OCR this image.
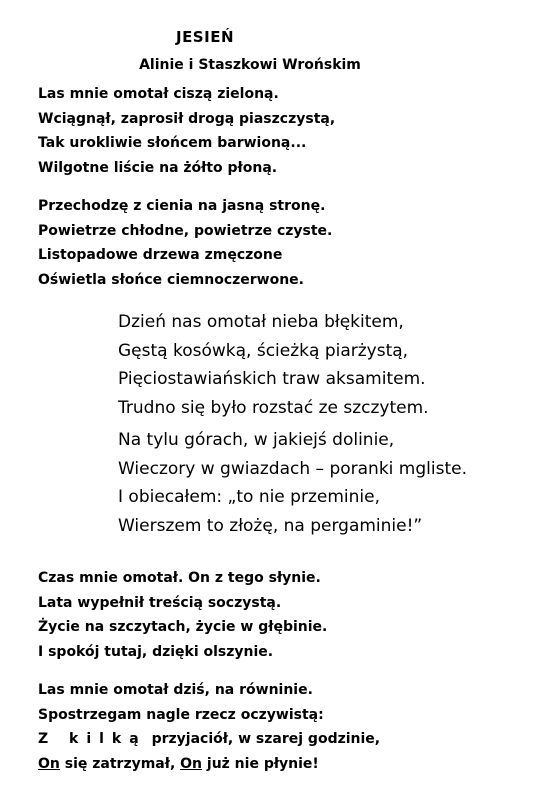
JESIEŃ
Alinie i Staszkowi Wrońskim
Las mnie omotał ciszą zieloną.
Wciągnął, zaprosił drogą piaszczystą,
Tak urokliwie słońcem barwioną...
Wilgotne liście na żółto płoną.
Przechodzę z cienia na jasną stronę.
Powietrze chłodne, powietrze czyste.
Listopadowe drzewa zmęczone
Oświetla słońce ciemnoczerwone.
Dzień nas omotał nieba błękitem,
Gęstą kosówką, ścieżką piarżystą,
Pięciostawiańskich traw aksamitem.
Trudno się było rozstać ze szczytem.
Na tylu górach, w jakiejś dolinie,
Wieczory w gwiazdach – poranki mgliste.
I obiecałem: „to nie przeminie,
Wierszem to złożę, na pergaminie!”
Czas mnie omotał. On z tego słynie.
Lata wypełnił treścią soczystą.
Życie na szczytach, życie w głębinie.
I spokój tutaj, dzięki olszynie.
Las mnie omotał dziś, na równinie.
Spostrzegam nagle rzecz oczywistą:
Z kilką przyjaciół, w szarej godzinie,
On się zatrzymał, On już nie płynie!
